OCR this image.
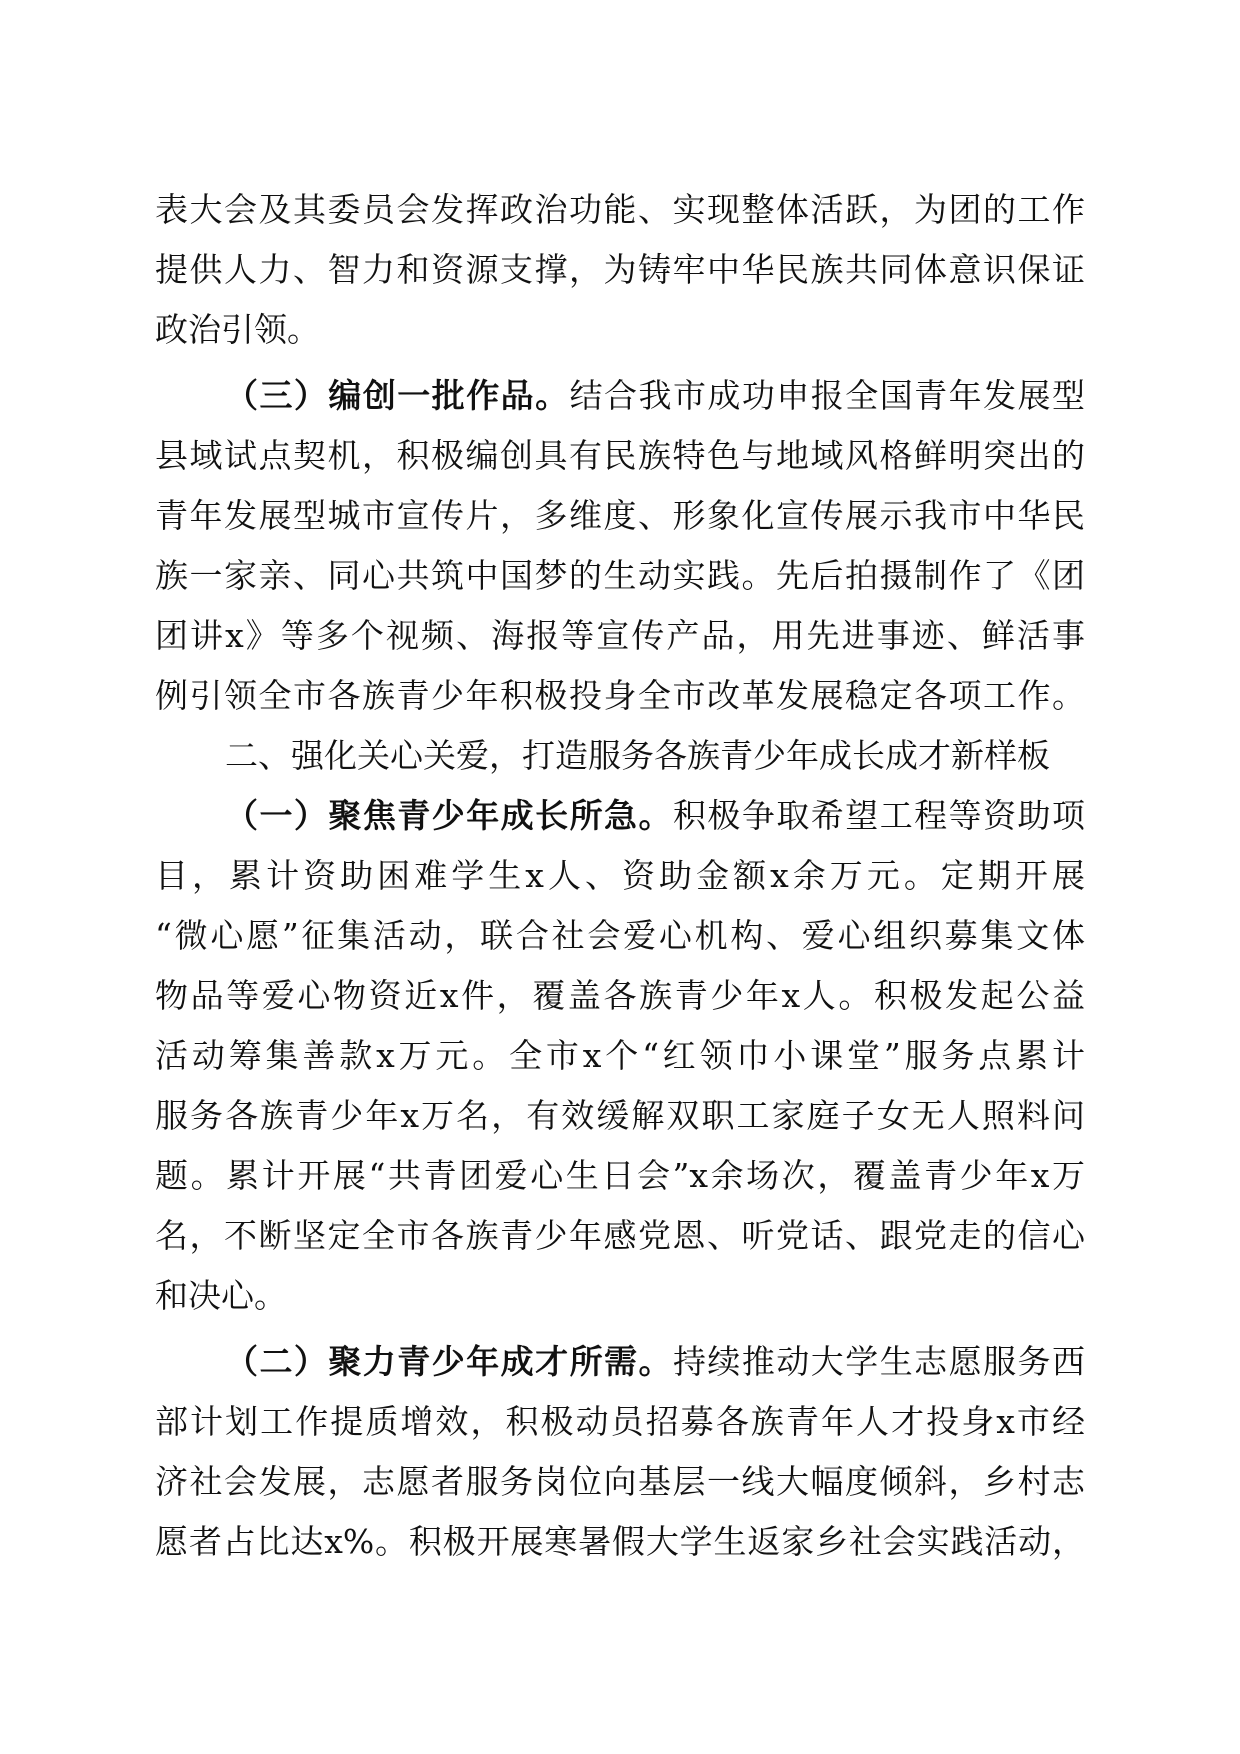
表大会及其委员会发挥政治功能、实现整体活跃，为团的工作
提供人力、智力和资源支撑，为铸牢中华民族共同体意识保证
政治引领。
（三）编创一批作品。结合我市成功申报全国青年发展型
县域试点契机，积极编创具有民族特色与地域风格鲜明突出的
青年发展型城市宣传片，多维度、形象化宣传展示我市中华民
族一家亲、同心共筑中国梦的生动实践。先后拍摄制作了《团
团讲x》等多个视频、海报等宣传产品，用先进事迹、鲜活事
例引领全市各族青少年积极投身全市改革发展稳定各项工作。
二、强化关心关爱，打造服务各族青少年成长成才新样板
（一）聚焦青少年成长所急。积极争取希望工程等资助项
目，累计资助困难学生x人、资助金额x余万元。定期开展
“微心愿”征集活动，联合社会爱心机构、爱心组织募集文体
物品等爱心物资近x件，覆盖各族青少年x人。积极发起公益
活动筹集善款x万元。全市x个“红领巾小课堂”服务点累计
服务各族青少年x万名，有效缓解双职工家庭子女无人照料问
题。累计开展“共青团爱心生日会”x余场次，覆盖青少年x万
名，不断坚定全市各族青少年感党恩、听党话、跟党走的信心
和决心。
（二）聚力青少年成才所需。持续推动大学生志愿服务西
部计划工作提质增效，积极动员招募各族青年人才投身x市经
济社会发展，志愿者服务岗位向基层一线大幅度倾斜，乡村志
愿者占比达x%。积极开展寒暑假大学生返家乡社会实践活动，
